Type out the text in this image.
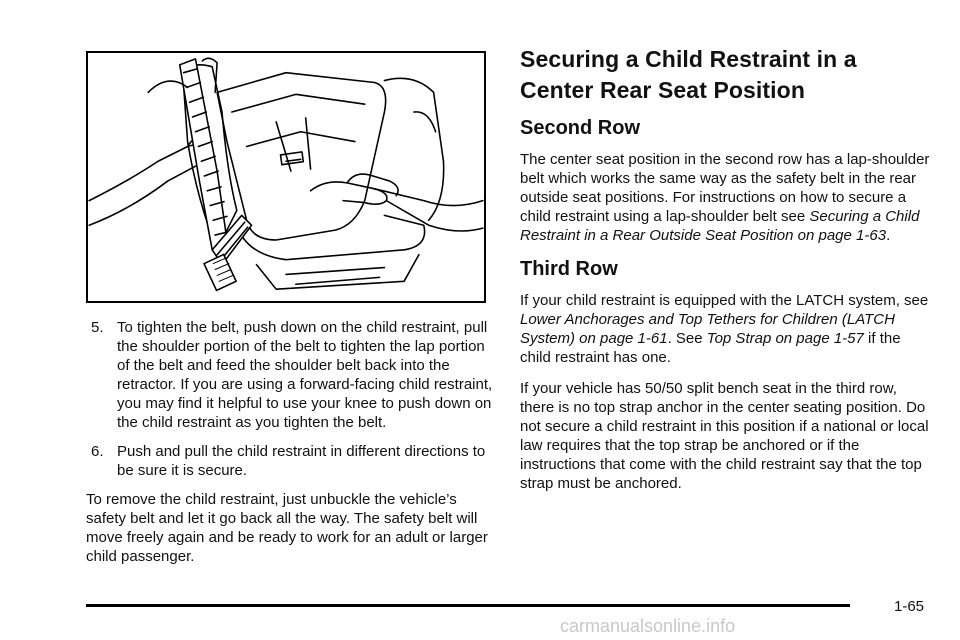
5. To tighten the belt, push down on the child restraint, pull the shoulder portion of the belt to tighten the lap portion of the belt and feed the shoulder belt back into the retractor. If you are using a forward-facing child restraint, you may find it helpful to use your knee to push down on the child restraint as you tighten the belt.
6. Push and pull the child restraint in different directions to be sure it is secure.

To remove the child restraint, just unbuckle the vehicle’s safety belt and let it go back all the way. The safety belt will move freely again and be ready to work for an adult or larger child passenger.

Securing a Child Restraint in a Center Rear Seat Position
Second Row

The center seat position in the second row has a lap-shoulder belt which works the same way as the safety belt in the rear outside seat positions. For instructions on how to secure a child restraint using a lap-shoulder belt see Securing a Child Restraint in a Rear Outside Seat Position on page 1-63.

Third Row

If your child restraint is equipped with the LATCH system, see Lower Anchorages and Top Tethers for Children (LATCH System) on page 1-61. See Top Strap on page 1-57 if the child restraint has one.

If your vehicle has 50/50 split bench seat in the third row, there is no top strap anchor in the center seating position. Do not secure a child restraint in this position if a national or local law requires that the top strap be anchored or if the instructions that come with the child restraint say that the top strap must be anchored.

1-65
carmanualsonline.info
